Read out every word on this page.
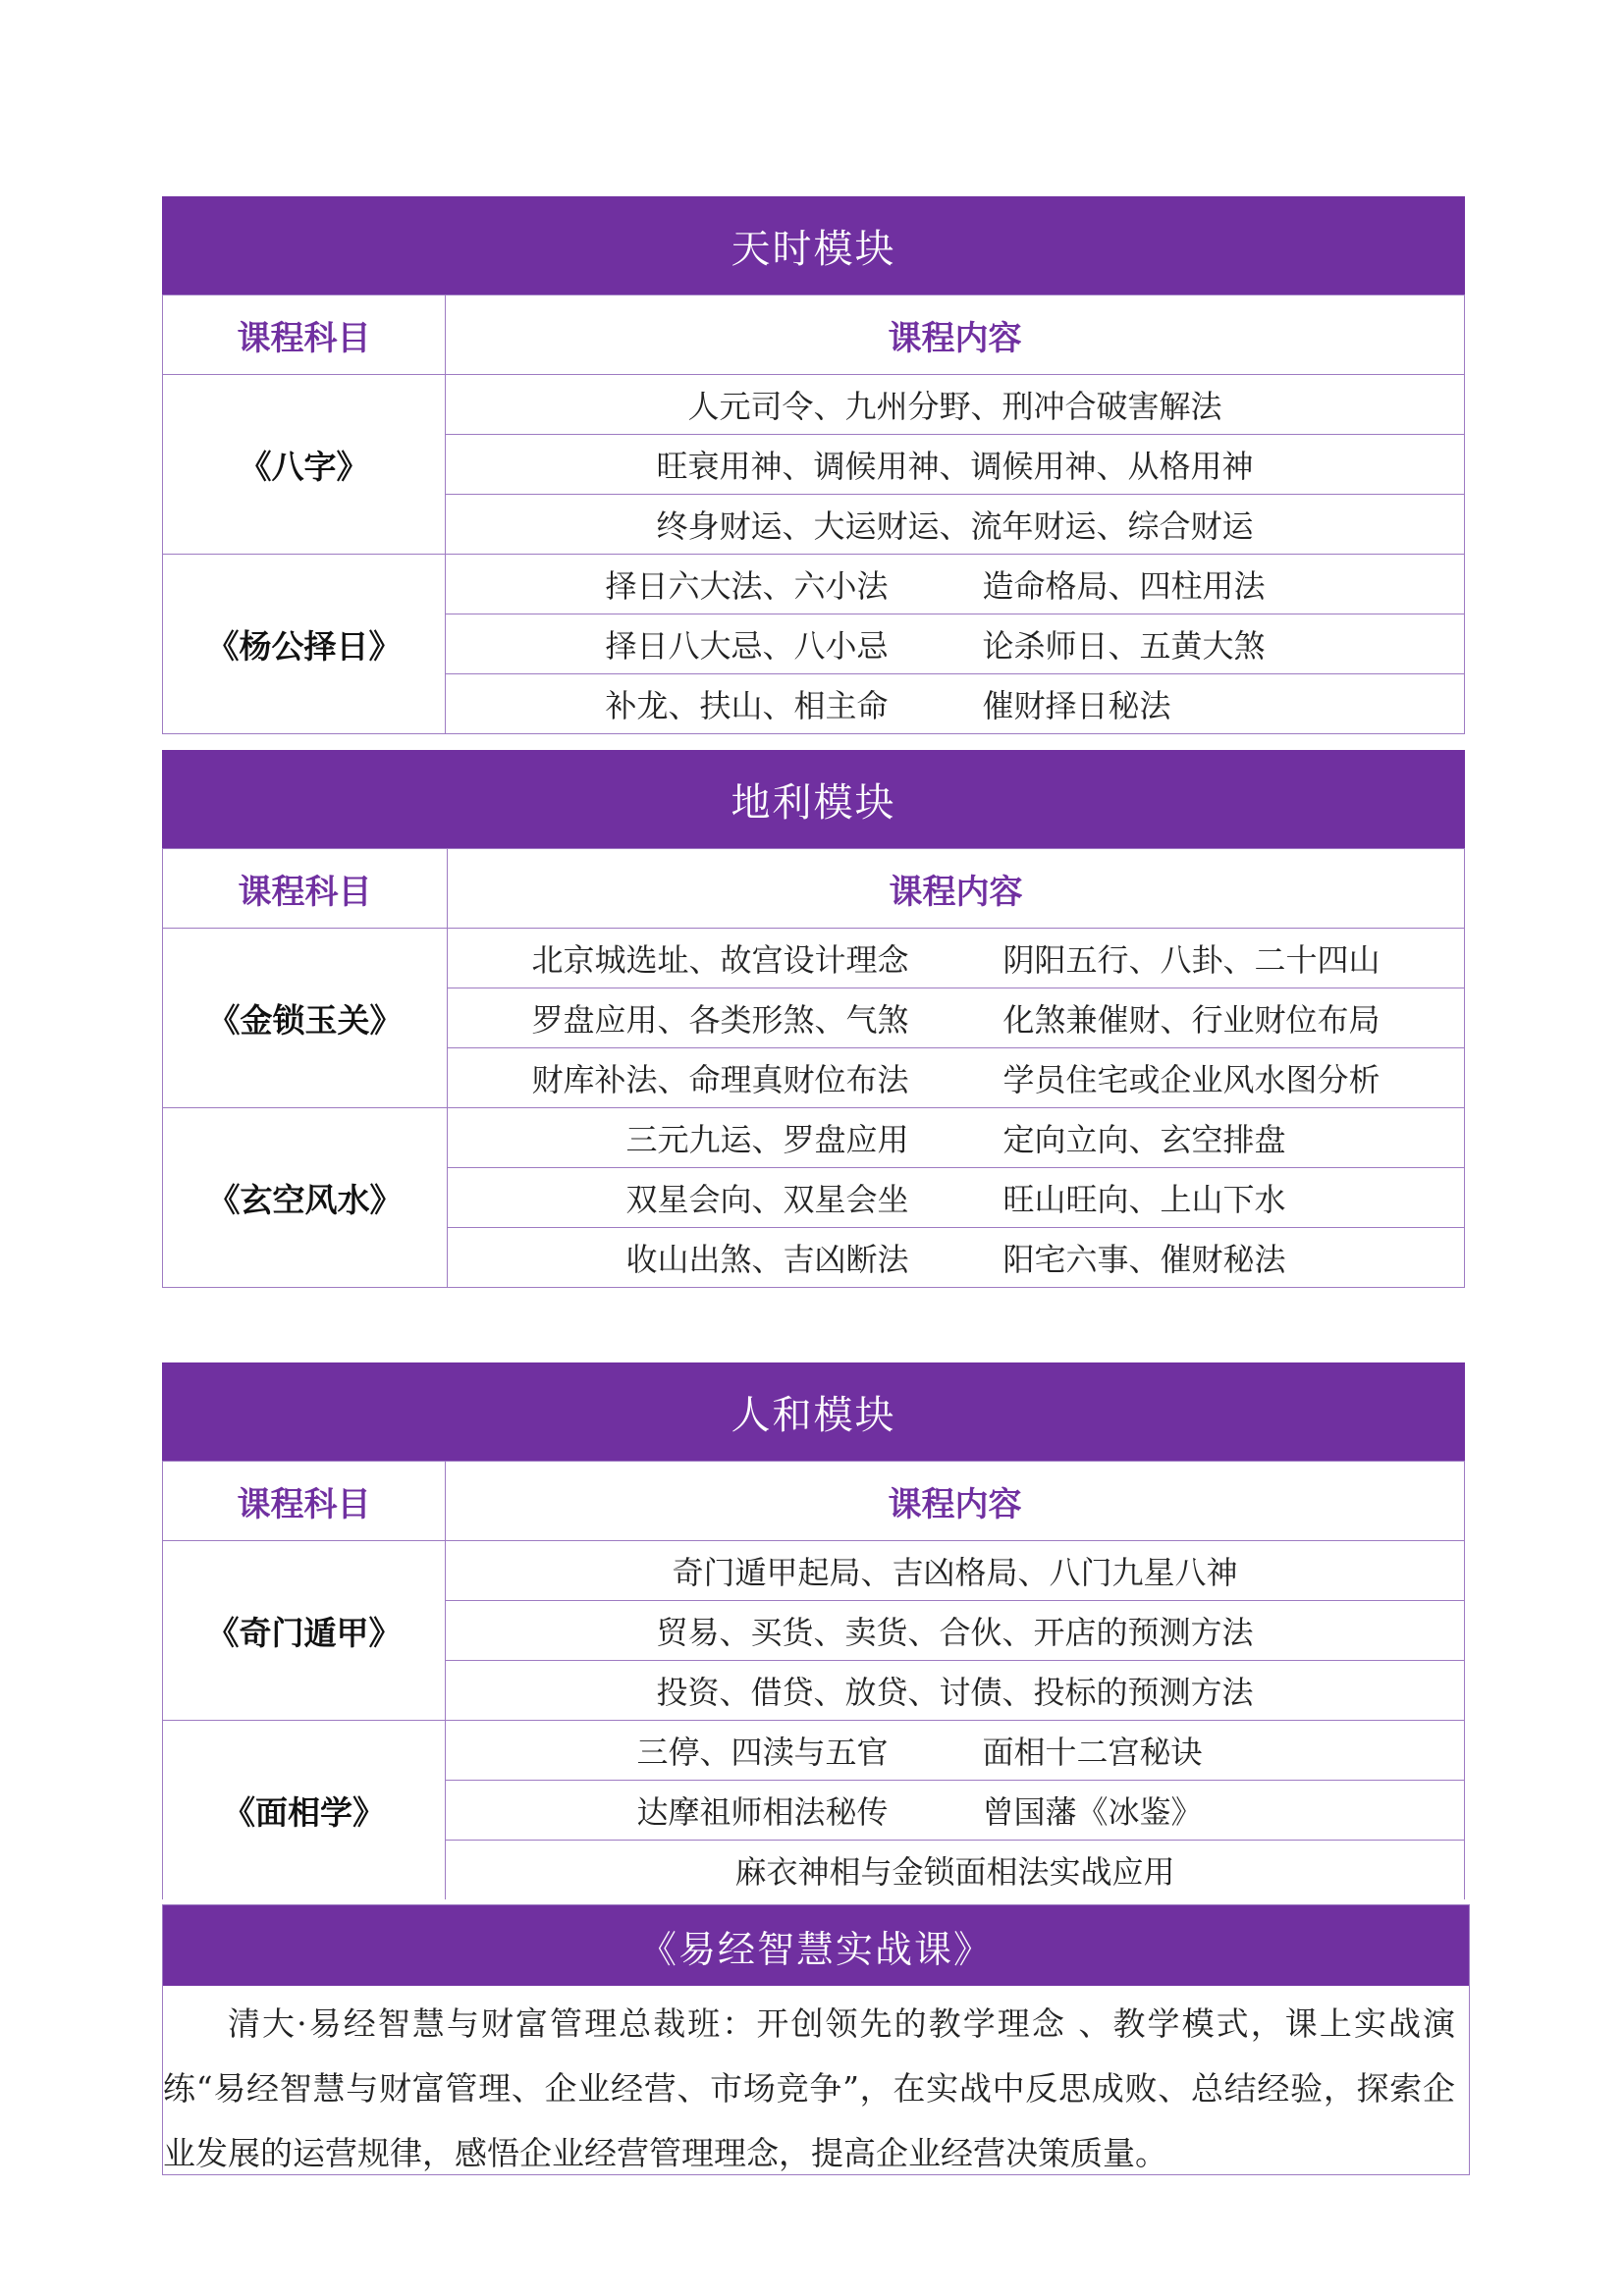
天时模块
课程科目	课程内容
《八字》	人元司令、九州分野、刑冲合破害解法
	旺衰用神、调候用神、调候用神、从格用神
	终身财运、大运财运、流年财运、综合财运
《杨公择日》	择日六大法、六小法 造命格局、四柱用法

	择日八大忌、八小忌 论杀师日、五黄大煞

	补龙、扶山、相主命 催财择日秘法
地利模块
课程科目	课程内容
《金锁玉关》	北京城选址、故宫设计理念 阴阳五行、八卦、二十四山

	罗盘应用、各类形煞、气煞 化煞兼催财、行业财位布局

	财库补法、命理真财位布法 学员住宅或企业风水图分析

《玄空风水》	三元九运、罗盘应用 定向立向、玄空排盘

	双星会向、双星会坐 旺山旺向、上山下水

	收山出煞、吉凶断法 阳宅六事、催财秘法
人和模块
课程科目	课程内容
《奇门遁甲》	奇门遁甲起局、吉凶格局、八门九星八神
	贸易、买货、卖货、合伙、开店的预测方法
	投资、借贷、放贷、讨债、投标的预测方法
《面相学》	三停、四渎与五官 面相十二宫秘诀

	达摩祖师相法秘传 曾国藩《冰鉴》

	麻衣神相与金锁面相法实战应用
《易经智慧实战课》
清大·易经智慧与财富管理总裁班：开创领先的教学理念 、教学模式，课上实战演练“易经智慧与财富管理、企业经营、市场竞争”，在实战中反思成败、总结经验，探索企业发展的运营规律，感悟企业经营管理理念，提高企业经营决策质量。
